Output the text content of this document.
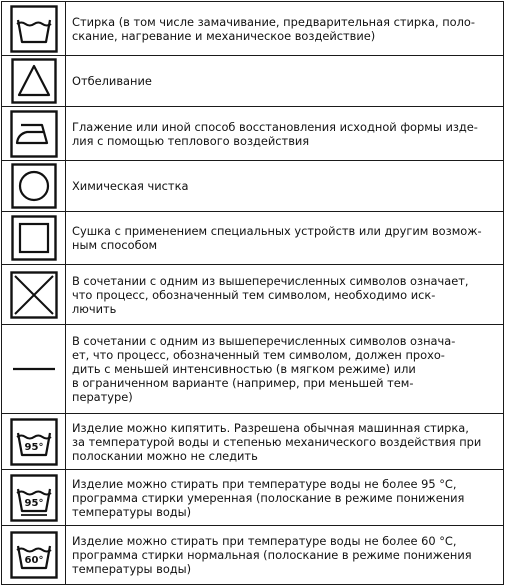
Стирка (в том числе замачивание, предварительная стирка, поло-
скание, нагревание и механическое воздействие)

Отбеливание

Глажение или иной способ восстановления исходной формы изде-
лия с помощью теплового воздействия

Химическая чистка

Сушка с применением специальных устройств или другим возмож-
ным способом

В сочетании с одним из вышеперечисленных символов означает,
что процесс, обозначенный тем символом, необходимо иск-
лючить

В сочетании с одним из вышеперечисленных символов означа-
ет, что процесс, обозначенный тем символом, должен прохо-
дить с меньшей интенсивностью (в мягком режиме) или
в ограниченном варианте (например, при меньшей тем-
пературе)

95°	Изделие можно кипятить. Разрешена обычная машинная стирка,
за температурой воды и степенью механического воздействия при
полоскании можно не следить

95°	Изделие можно стирать при температуре воды не более 95 °С,
программа стирки умеренная (полоскание в режиме понижения
температуры воды)

60°	Изделие можно стирать при температуре воды не более 60 °С,
программа стирки нормальная (полоскание в режиме понижения
температуры воды)
